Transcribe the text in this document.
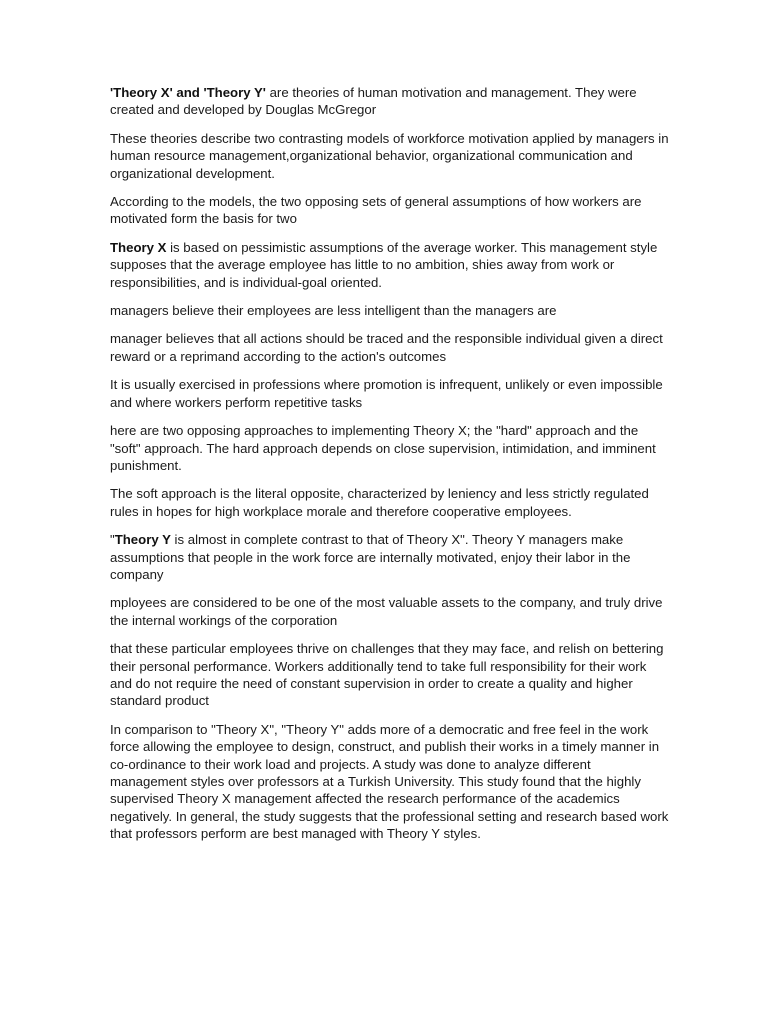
'Theory X' and 'Theory Y' are theories of human motivation and management. They were created and developed by Douglas McGregor

These theories describe two contrasting models of workforce motivation applied by managers in human resource management,organizational behavior, organizational communication and organizational development.

According to the models, the two opposing sets of general assumptions of how workers are motivated form the basis for two

Theory X is based on pessimistic assumptions of the average worker. This management style supposes that the average employee has little to no ambition, shies away from work or responsibilities, and is individual-goal oriented.

managers believe their employees are less intelligent than the managers are

manager believes that all actions should be traced and the responsible individual given a direct reward or a reprimand according to the action's outcomes

It is usually exercised in professions where promotion is infrequent, unlikely or even impossible and where workers perform repetitive tasks

here are two opposing approaches to implementing Theory X; the "hard" approach and the "soft" approach. The hard approach depends on close supervision, intimidation, and imminent punishment.

The soft approach is the literal opposite, characterized by leniency and less strictly regulated rules in hopes for high workplace morale and therefore cooperative employees.

"Theory Y is almost in complete contrast to that of Theory X". Theory Y managers make assumptions that people in the work force are internally motivated, enjoy their labor in the company

mployees are considered to be one of the most valuable assets to the company, and truly drive the internal workings of the corporation

that these particular employees thrive on challenges that they may face, and relish on bettering their personal performance. Workers additionally tend to take full responsibility for their work and do not require the need of constant supervision in order to create a quality and higher standard product

In comparison to "Theory X", "Theory Y" adds more of a democratic and free feel in the work force allowing the employee to design, construct, and publish their works in a timely manner in co-ordinance to their work load and projects. A study was done to analyze different management styles over professors at a Turkish University. This study found that the highly supervised Theory X management affected the research performance of the academics negatively. In general, the study suggests that the professional setting and research based work that professors perform are best managed with Theory Y styles.
